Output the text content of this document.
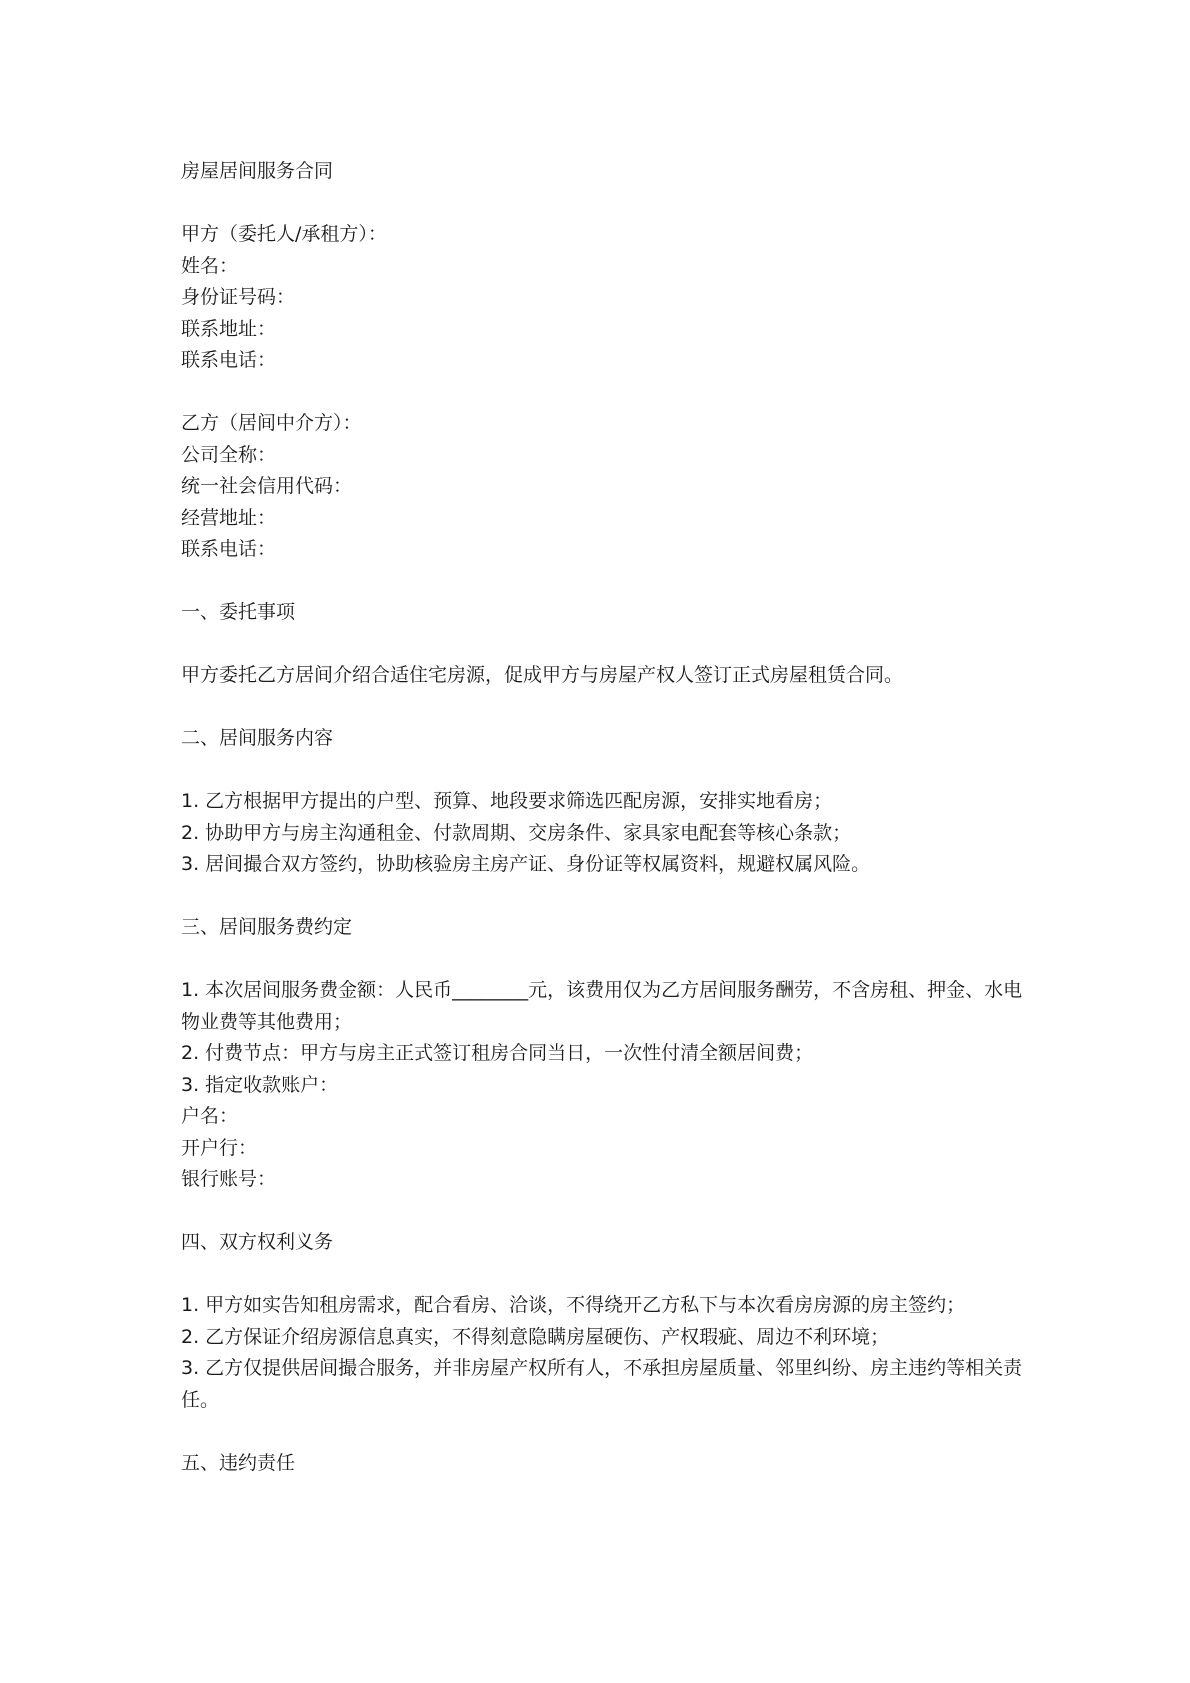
房屋居间服务合同

甲方（委托人/承租方）：

姓名：

身份证号码：

联系地址：

联系电话：

乙方（居间中介方）：

公司全称：

统一社会信用代码：

经营地址：

联系电话：

一、委托事项

甲方委托乙方居间介绍合适住宅房源，促成甲方与房屋产权人签订正式房屋租赁合同。

二、居间服务内容

1. 乙方根据甲方提出的户型、预算、地段要求筛选匹配房源，安排实地看房；

2. 协助甲方与房主沟通租金、付款周期、交房条件、家具家电配套等核心条款；

3. 居间撮合双方签约，协助核验房主房产证、身份证等权属资料，规避权属风险。

三、居间服务费约定

1. 本次居间服务费金额：人民币________元，该费用仅为乙方居间服务酬劳，不含房租、押金、水电物业费等其他费用；

2. 付费节点：甲方与房主正式签订租房合同当日，一次性付清全额居间费；

3. 指定收款账户：

户名：

开户行：

银行账号：

四、双方权利义务

1. 甲方如实告知租房需求，配合看房、洽谈，不得绕开乙方私下与本次看房房源的房主签约；

2. 乙方保证介绍房源信息真实，不得刻意隐瞒房屋硬伤、产权瑕疵、周边不利环境；

3. 乙方仅提供居间撮合服务，并非房屋产权所有人，不承担房屋质量、邻里纠纷、房主违约等相关责任。

五、违约责任
